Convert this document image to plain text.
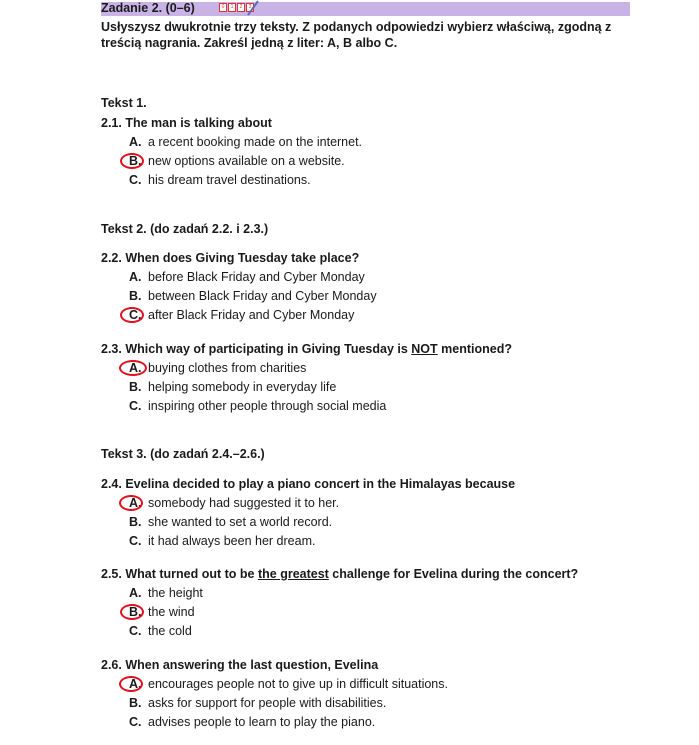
Zadanie 2. (0–6)	0	1	2	3
Usłyszysz dwukrotnie trzy teksty. Z podanych odpowiedzi wybierz właściwą, zgodną z treścią nagrania. Zakreśl jedną z liter: A, B albo C.
Tekst 1.
2.1. The man is talking about
A. a recent booking made on the internet.
B. new options available on a website.
C. his dream travel destinations.
Tekst 2. (do zadań 2.2. i 2.3.)
2.2. When does Giving Tuesday take place?
A. before Black Friday and Cyber Monday
B. between Black Friday and Cyber Monday
C. after Black Friday and Cyber Monday
2.3. Which way of participating in Giving Tuesday is NOT mentioned?
A. buying clothes from charities
B. helping somebody in everyday life
C. inspiring other people through social media
Tekst 3. (do zadań 2.4.–2.6.)
2.4. Evelina decided to play a piano concert in the Himalayas because
A. somebody had suggested it to her.
B. she wanted to set a world record.
C. it had always been her dream.
2.5. What turned out to be the greatest challenge for Evelina during the concert?
A. the height
B. the wind
C. the cold
2.6. When answering the last question, Evelina
A. encourages people not to give up in difficult situations.
B. asks for support for people with disabilities.
C. advises people to learn to play the piano.
